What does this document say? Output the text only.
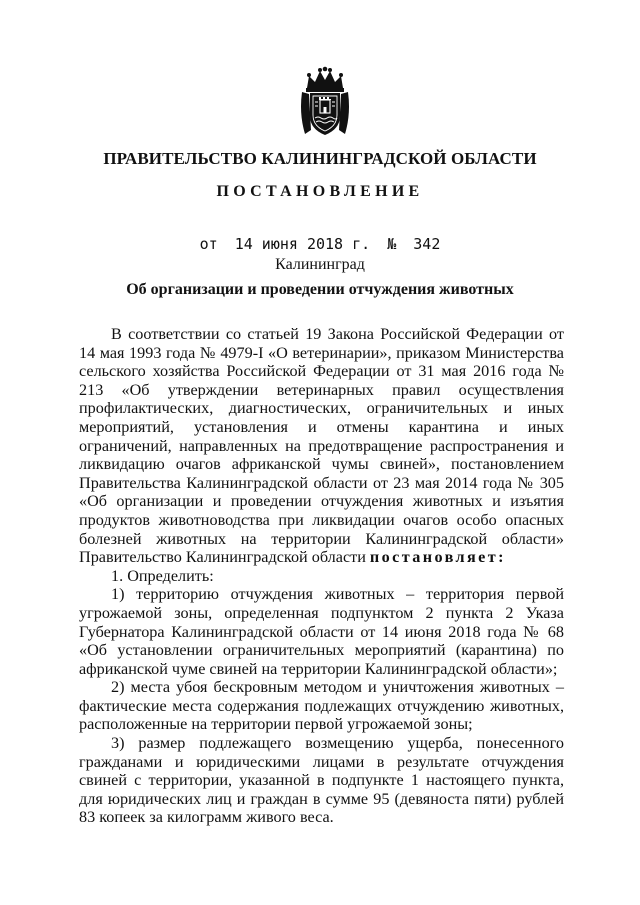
ПРАВИТЕЛЬСТВО КАЛИНИНГРАДСКОЙ ОБЛАСТИ
ПОСТАНОВЛЕНИЕ
от 14 июня 2018 г. № 342
Калининград
Об организации и проведении отчуждения животных

В соответствии со статьей 19 Закона Российской Федерации от 14 мая 1993 года № 4979-I «О ветеринарии», приказом Министерства сельского хозяйства Российской Федерации от 31 мая 2016 года № 213 «Об утверждении ветеринарных правил осуществления профилактических, диагностических, ограничительных и иных мероприятий, установления и отмены карантина и иных ограничений, направленных на предотвращение распространения и ликвидацию очагов африканской чумы свиней», постановлением Правительства Калининградской области от 23 мая 2014 года № 305 «Об организации и проведении отчуждения животных и изъятия продуктов животноводства при ликвидации очагов особо опасных болезней животных на территории Калининградской области» Правительство Калининградской области постановляет:

1. Определить:

1) территорию отчуждения животных – территория первой угрожаемой зоны, определенная подпунктом 2 пункта 2 Указа Губернатора Калининградской области от 14 июня 2018 года № 68 «Об установлении ограничительных мероприятий (карантина) по африканской чуме свиней на территории Калининградской области»;

2) места убоя бескровным методом и уничтожения животных – фактические места содержания подлежащих отчуждению животных, расположенные на территории первой угрожаемой зоны;

3) размер подлежащего возмещению ущерба, понесенного гражданами и юридическими лицами в результате отчуждения свиней с территории, указанной в подпункте 1 настоящего пункта, для юридических лиц и граждан в сумме 95 (девяноста пяти) рублей 83 копеек за килограмм живого веса.
